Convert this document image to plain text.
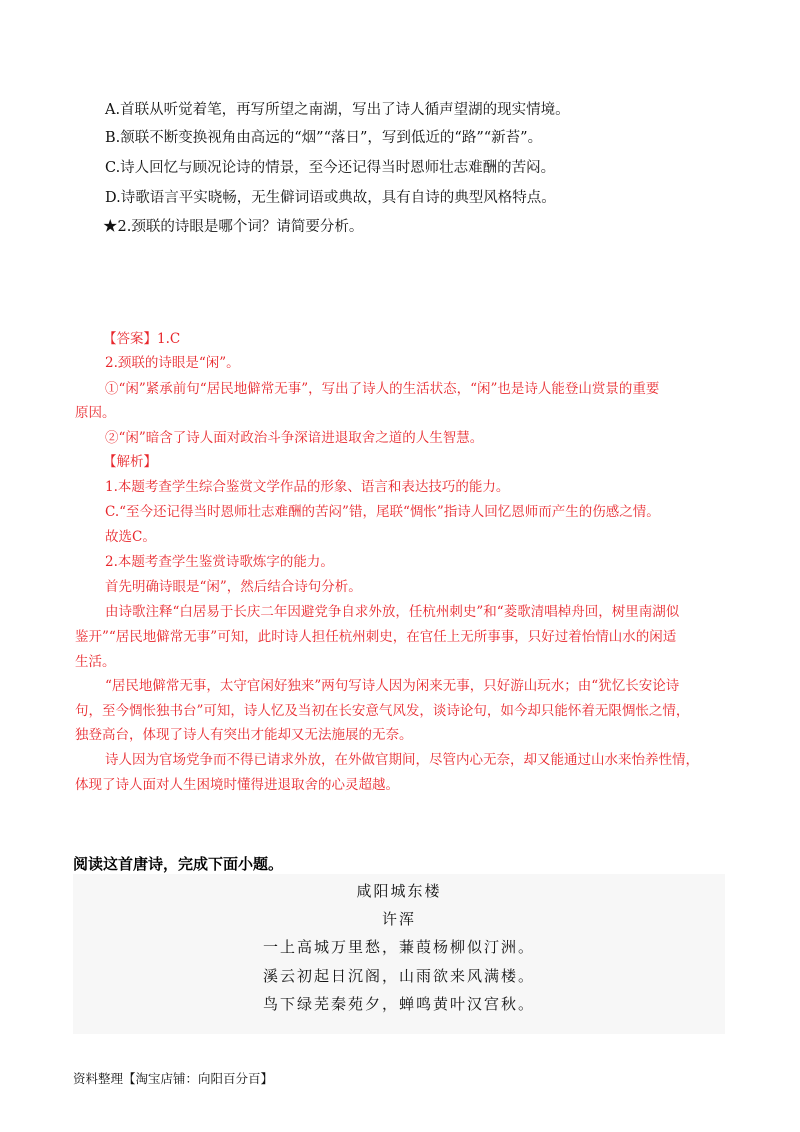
A.首联从听觉着笔，再写所望之南湖，写出了诗人循声望湖的现实情境。
B.颔联不断变换视角由高远的“烟”“落日”，写到低近的“路”“新苔”。
C.诗人回忆与顾况论诗的情景，至今还记得当时恩师壮志难酬的苦闷。
D.诗歌语言平实晓畅，无生僻词语或典故，具有自诗的典型风格特点。
★2.颈联的诗眼是哪个词？请简要分析。
【答案】1.C
2.颈联的诗眼是“闲”。
①“闲”紧承前句“居民地僻常无事”，写出了诗人的生活状态，“闲”也是诗人能登山赏景的重要
原因。
②“闲”暗含了诗人面对政治斗争深谙进退取舍之道的人生智慧。
【解析】
1.本题考查学生综合鉴赏文学作品的形象、语言和表达技巧的能力。
C.“至今还记得当时恩师壮志难酬的苦闷”错，尾联“惆怅”指诗人回忆恩师而产生的伤感之情。
故选C。
2.本题考查学生鉴赏诗歌炼字的能力。
首先明确诗眼是“闲”，然后结合诗句分析。
由诗歌注释“白居易于长庆二年因避党争自求外放，任杭州刺史”和“菱歌清唱棹舟回，树里南湖似
鉴开”“居民地僻常无事”可知，此时诗人担任杭州刺史，在官任上无所事事，只好过着怡情山水的闲适
生活。
“居民地僻常无事，太守官闲好独来”两句写诗人因为闲来无事，只好游山玩水；由“犹忆长安论诗
句，至今惆怅独书台”可知，诗人忆及当初在长安意气风发，谈诗论句，如今却只能怀着无限惆怅之情，
独登高台，体现了诗人有突出才能却又无法施展的无奈。
诗人因为官场党争而不得已请求外放，在外做官期间，尽管内心无奈，却又能通过山水来怡养性情，
体现了诗人面对人生困境时懂得进退取舍的心灵超越。
阅读这首唐诗，完成下面小题。
咸阳城东楼
许浑
一上高城万里愁，蒹葭杨柳似汀洲。
溪云初起日沉阁，山雨欲来风满楼。
鸟下绿芜秦苑夕，蝉鸣黄叶汉宫秋。
资料整理【淘宝店铺：向阳百分百】
